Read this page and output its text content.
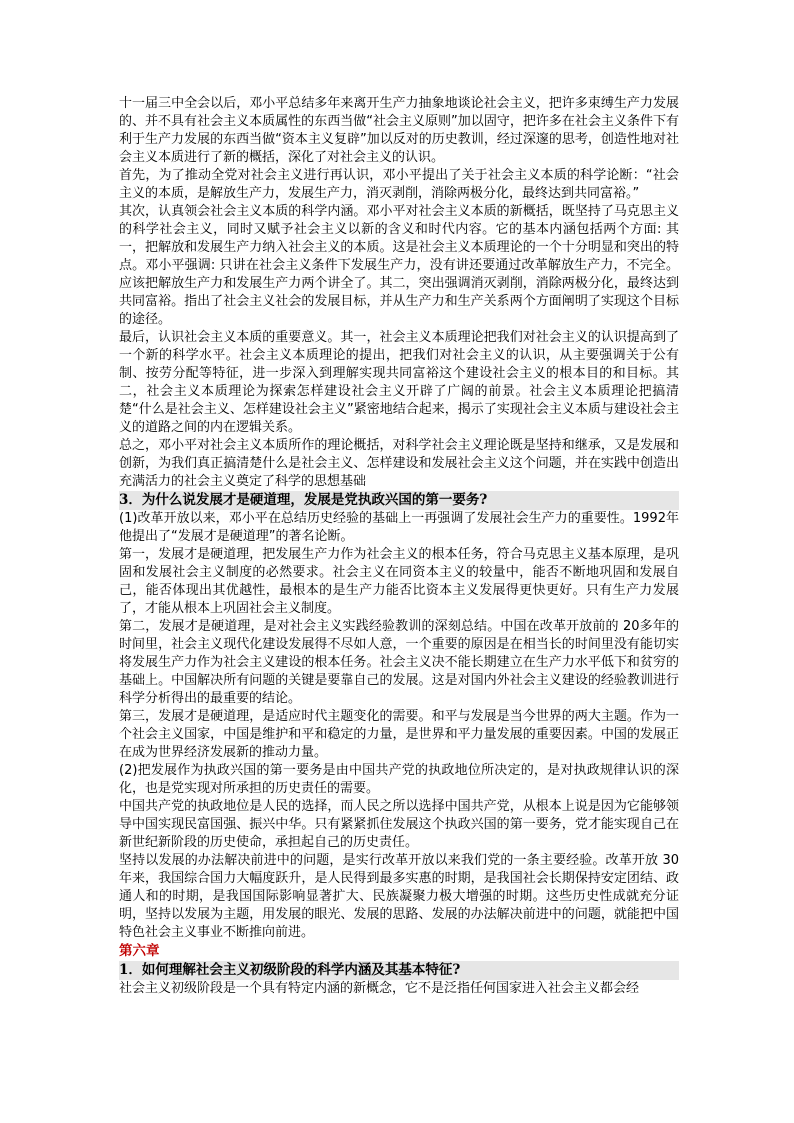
十一届三中全会以后，邓小平总结多年来离开生产力抽象地谈论社会主义，把许多束缚生产力发展的、并不具有社会主义本质属性的东西当做“社会主义原则”加以固守，把许多在社会主义条件下有利于生产力发展的东西当做“资本主义复辟”加以反对的历史教训，经过深邃的思考，创造性地对社会主义本质进行了新的概括，深化了对社会主义的认识。

首先，为了推动全党对社会主义进行再认识，邓小平提出了关于社会主义本质的科学论断：“社会主义的本质，是解放生产力，发展生产力，消灭剥削，消除两极分化，最终达到共同富裕。”

其次，认真领会社会主义本质的科学内涵。邓小平对社会主义本质的新概括，既坚持了马克思主义的科学社会主义，同时又赋予社会主义以新的含义和时代内容。它的基本内涵包括两个方面: 其一，把解放和发展生产力纳入社会主义的本质。这是社会主义本质理论的一个十分明显和突出的特点。邓小平强调: 只讲在社会主义条件下发展生产力，没有讲还要通过改革解放生产力，不完全。应该把解放生产力和发展生产力两个讲全了。其二，突出强调消灭剥削，消除两极分化，最终达到共同富裕。指出了社会主义社会的发展目标，并从生产力和生产关系两个方面阐明了实现这个目标的途径。

最后，认识社会主义本质的重要意义。其一，社会主义本质理论把我们对社会主义的认识提高到了一个新的科学水平。社会主义本质理论的提出，把我们对社会主义的认识，从主要强调关于公有制、按劳分配等特征，进一步深入到理解实现共同富裕这个建设社会主义的根本目的和目标。其二，社会主义本质理论为探索怎样建设社会主义开辟了广阔的前景。社会主义本质理论把搞清楚“什么是社会主义、怎样建设社会主义”紧密地结合起来，揭示了实现社会主义本质与建设社会主义的道路之间的内在逻辑关系。

总之，邓小平对社会主义本质所作的理论概括，对科学社会主义理论既是坚持和继承，又是发展和创新，为我们真正搞清楚什么是社会主义、怎样建设和发展社会主义这个问题，并在实践中创造出充满活力的社会主义奠定了科学的思想基础

3．为什么说发展才是硬道理，发展是党执政兴国的第一要务?

(1)改革开放以来，邓小平在总结历史经验的基础上一再强调了发展社会生产力的重要性。1992年他提出了“发展才是硬道理”的著名论断。

第一，发展才是硬道理，把发展生产力作为社会主义的根本任务，符合马克思主义基本原理，是巩固和发展社会主义制度的必然要求。社会主义在同资本主义的较量中，能否不断地巩固和发展自己，能否体现出其优越性，最根本的是生产力能否比资本主义发展得更快更好。只有生产力发展了，才能从根本上巩固社会主义制度。

第二，发展才是硬道理，是对社会主义实践经验教训的深刻总结。中国在改革开放前的 20多年的时间里，社会主义现代化建设发展得不尽如人意，一个重要的原因是在相当长的时间里没有能切实将发展生产力作为社会主义建设的根本任务。社会主义决不能长期建立在生产力水平低下和贫穷的基础上。中国解决所有问题的关键是要靠自己的发展。这是对国内外社会主义建设的经验教训进行科学分析得出的最重要的结论。

第三，发展才是硬道理，是适应时代主题变化的需要。和平与发展是当今世界的两大主题。作为一个社会主义国家，中国是维护和平和稳定的力量，是世界和平力量发展的重要因素。中国的发展正在成为世界经济发展新的推动力量。

(2)把发展作为执政兴国的第一要务是由中国共产党的执政地位所决定的，是对执政规律认识的深化，也是党实现对所承担的历史责任的需要。

中国共产党的执政地位是人民的选择，而人民之所以选择中国共产党，从根本上说是因为它能够领导中国实现民富国强、振兴中华。只有紧紧抓住发展这个执政兴国的第一要务，党才能实现自己在新世纪新阶段的历史使命，承担起自己的历史责任。

坚持以发展的办法解决前进中的问题，是实行改革开放以来我们党的一条主要经验。改革开放 30年来，我国综合国力大幅度跃升，是人民得到最多实惠的时期，是我国社会长期保持安定团结、政通人和的时期，是我国国际影响显著扩大、民族凝聚力极大增强的时期。这些历史性成就充分证明，坚持以发展为主题，用发展的眼光、发展的思路、发展的办法解决前进中的问题，就能把中国特色社会主义事业不断推向前进。

第六章

1．如何理解社会主义初级阶段的科学内涵及其基本特征?

社会主义初级阶段是一个具有特定内涵的新概念，它不是泛指任何国家进入社会主义都会经
